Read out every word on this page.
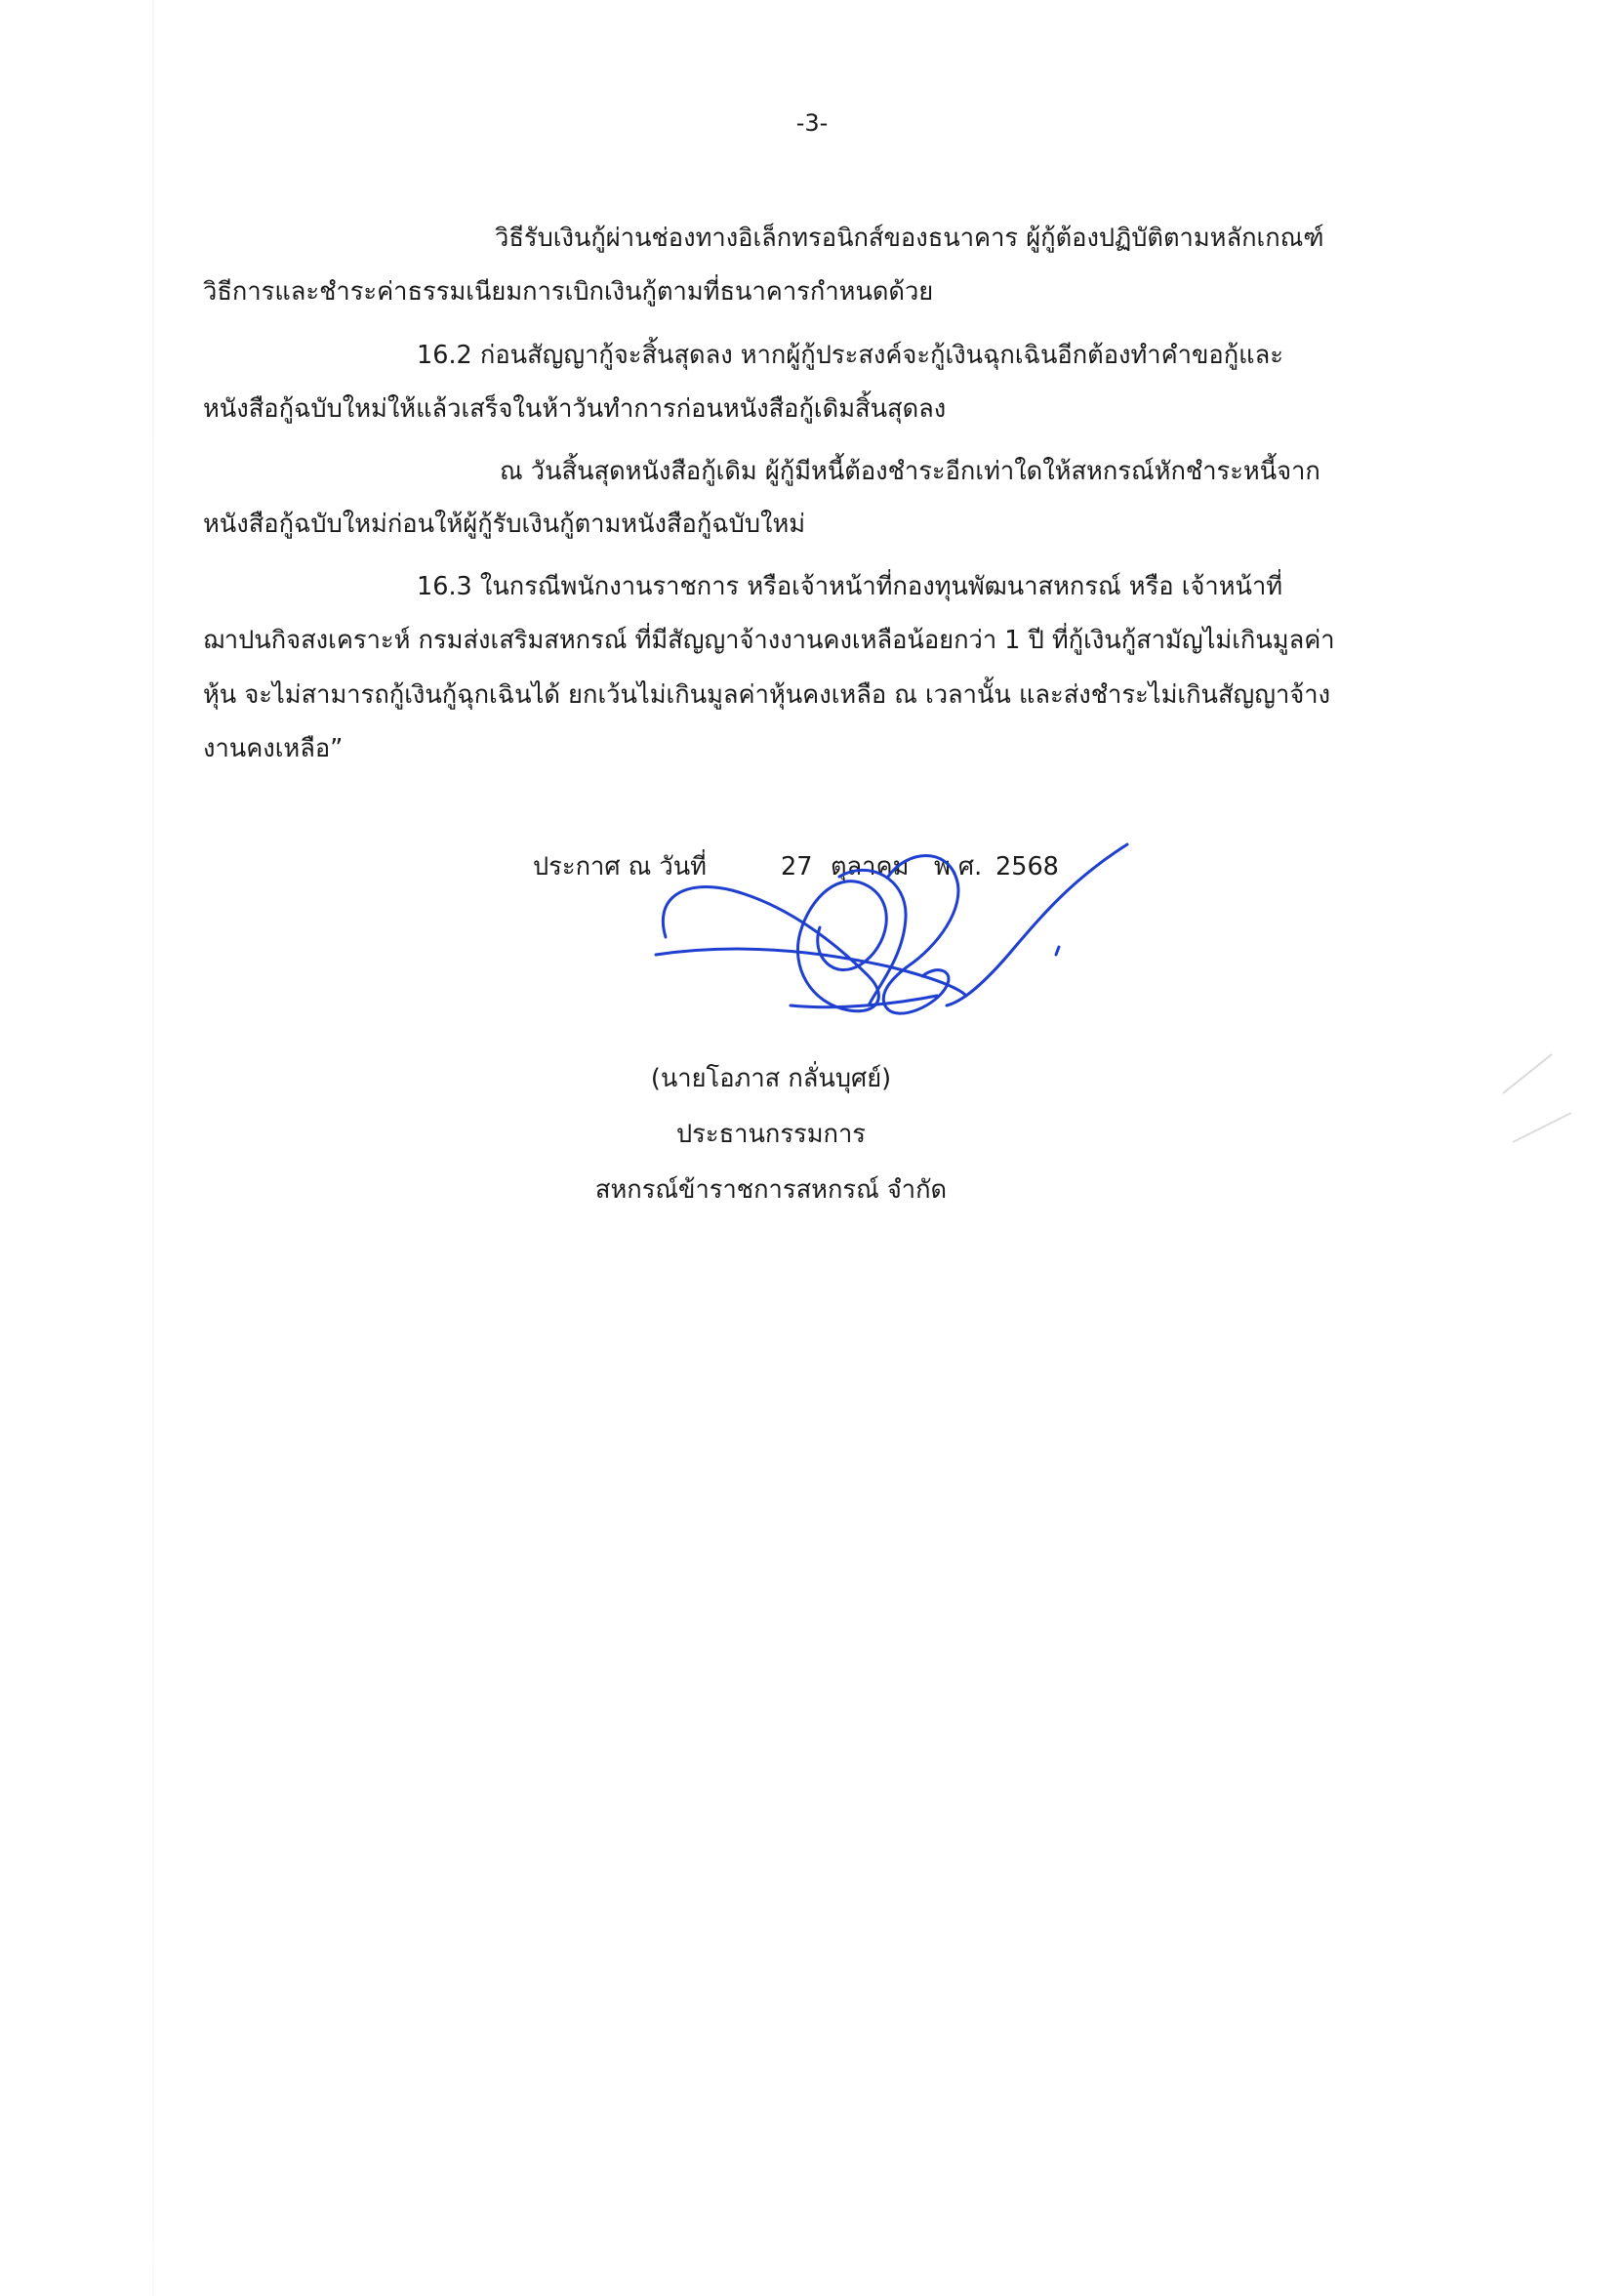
-3-
วิธีรับเงินกู้ผ่านช่องทางอิเล็กทรอนิกส์ของธนาคาร ผู้กู้ต้องปฏิบัติตามหลักเกณฑ์
วิธีการและชำระค่าธรรมเนียมการเบิกเงินกู้ตามที่ธนาคารกำหนดด้วย
16.2 ก่อนสัญญากู้จะสิ้นสุดลง หากผู้กู้ประสงค์จะกู้เงินฉุกเฉินอีกต้องทำคำขอกู้และ
หนังสือกู้ฉบับใหม่ให้แล้วเสร็จในห้าวันทำการก่อนหนังสือกู้เดิมสิ้นสุดลง
ณ วันสิ้นสุดหนังสือกู้เดิม ผู้กู้มีหนี้ต้องชำระอีกเท่าใดให้สหกรณ์หักชำระหนี้จาก
หนังสือกู้ฉบับใหม่ก่อนให้ผู้กู้รับเงินกู้ตามหนังสือกู้ฉบับใหม่
16.3 ในกรณีพนักงานราชการ หรือเจ้าหน้าที่กองทุนพัฒนาสหกรณ์ หรือ เจ้าหน้าที่
ฌาปนกิจสงเคราะห์ กรมส่งเสริมสหกรณ์ ที่มีสัญญาจ้างงานคงเหลือน้อยกว่า 1 ปี ที่กู้เงินกู้สามัญไม่เกินมูลค่า
หุ้น จะไม่สามารถกู้เงินกู้ฉุกเฉินได้ ยกเว้นไม่เกินมูลค่าหุ้นคงเหลือ ณ เวลานั้น และส่งชำระไม่เกินสัญญาจ้าง
งานคงเหลือ”
ประกาศ ณ วันที่	27 ตุลาคม พ.ศ. 2568
(นายโอภาส กลั่นบุศย์)
ประธานกรรมการ
สหกรณ์ข้าราชการสหกรณ์ จำกัด
